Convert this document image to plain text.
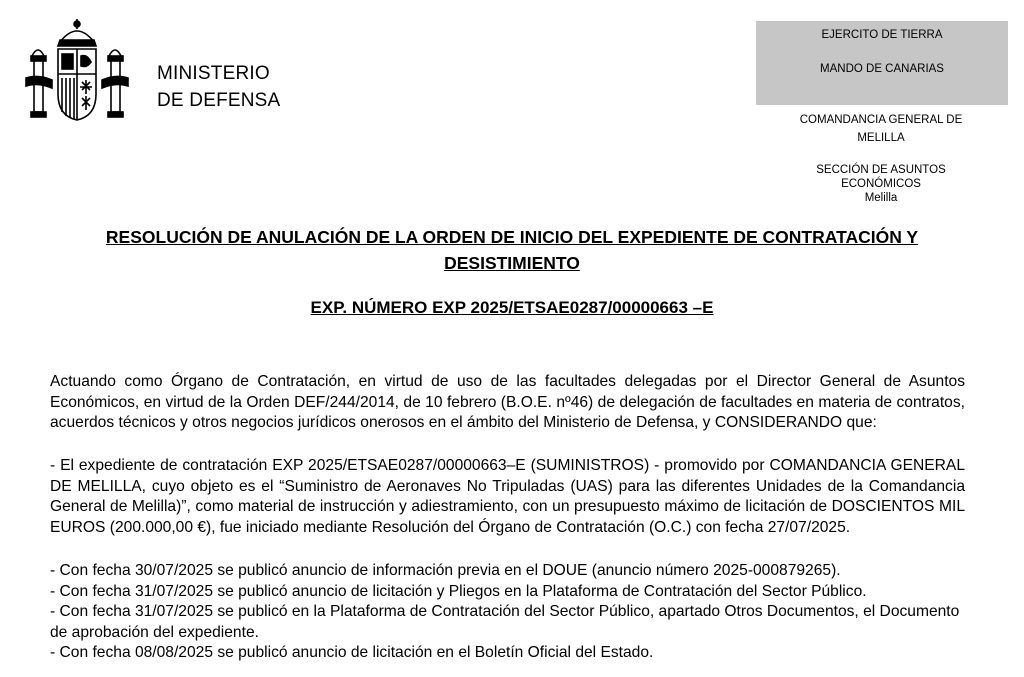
MINISTERIO
DE DEFENSA
EJERCITO DE TIERRA
MANDO DE CANARIAS
COMANDANCIA GENERAL DE
MELILLA
SECCIÓN DE ASUNTOS
ECONÓMICOS
Melilla
RESOLUCIÓN DE ANULACIÓN DE LA ORDEN DE INICIO DEL EXPEDIENTE DE CONTRATACIÓN Y DESISTIMIENTO
EXP. NÚMERO EXP 2025/ETSAE0287/00000663 –E
Actuando como Órgano de Contratación, en virtud de uso de las facultades delegadas por el Director General de Asuntos Económicos, en virtud de la Orden DEF/244/2014, de 10 febrero (B.O.E. nº46) de delegación de facultades en materia de contratos, acuerdos técnicos y otros negocios jurídicos onerosos en el ámbito del Ministerio de Defensa, y CONSIDERANDO que:
- El expediente de contratación EXP 2025/ETSAE0287/00000663–E (SUMINISTROS) - promovido por COMANDANCIA GENERAL DE MELILLA, cuyo objeto es el “Suministro de Aeronaves No Tripuladas (UAS) para las diferentes Unidades de la Comandancia General de Melilla)”, como material de instrucción y adiestramiento, con un presupuesto máximo de licitación de DOSCIENTOS MIL EUROS (200.000,00 €), fue iniciado mediante Resolución del Órgano de Contratación (O.C.) con fecha 27/07/2025.
- Con fecha 30/07/2025 se publicó anuncio de información previa en el DOUE (anuncio número 2025-000879265).
- Con fecha 31/07/2025 se publicó anuncio de licitación y Pliegos en la Plataforma de Contratación del Sector Público.
- Con fecha 31/07/2025 se publicó en la Plataforma de Contratación del Sector Público, apartado Otros Documentos, el Documento de aprobación del expediente.
- Con fecha 08/08/2025 se publicó anuncio de licitación en el Boletín Oficial del Estado.
